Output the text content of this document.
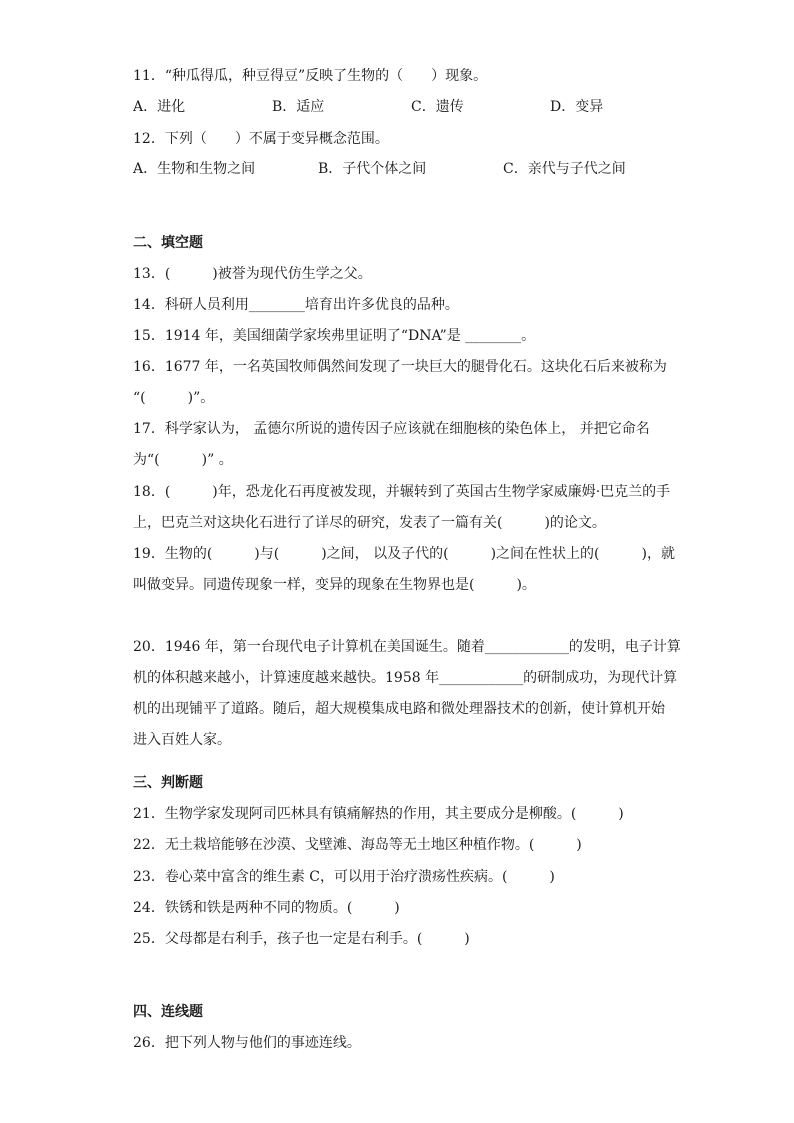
11．“种瓜得瓜，种豆得豆”反映了生物的（　　）现象。
A．进化	B．适应	C．遗传	D．变异
12．下列（　　）不属于变异概念范围。
A．生物和生物之间	B．子代个体之间	C．亲代与子代之间
二、填空题
13．(　　　)被誉为现代仿生学之父。
14．科研人员利用________培育出许多优良的品种。
15．1914 年，美国细菌学家埃弗里证明了“DNA”是 ________。
16．1677 年，一名英国牧师偶然间发现了一块巨大的腿骨化石。这块化石后来被称为
“(　　　)”。
17．科学家认为， 孟德尔所说的遗传因子应该就在细胞核的染色体上， 并把它命名
为“(　　　)” 。
18．(　　　)年，恐龙化石再度被发现，并辗转到了英国古生物学家威廉姆·巴克兰的手
上，巴克兰对这块化石进行了详尽的研究，发表了一篇有关(　　　)的论文。
19．生物的(　　　)与(　　　)之间， 以及子代的(　　　)之间在性状上的(　　　)，就
叫做变异。同遗传现象一样，变异的现象在生物界也是(　　　)。
20．1946 年，第一台现代电子计算机在美国诞生。随着____________的发明，电子计算
机的体积越来越小，计算速度越来越快。1958 年____________的研制成功，为现代计算
机的出现铺平了道路。随后，超大规模集成电路和微处理器技术的创新，使计算机开始
进入百姓人家。
三、判断题
21．生物学家发现阿司匹林具有镇痛解热的作用，其主要成分是柳酸。(　　　)
22．无土栽培能够在沙漠、戈壁滩、海岛等无土地区种植作物。(　　　)
23．卷心菜中富含的维生素 C，可以用于治疗溃疡性疾病。(　　　)
24．铁锈和铁是两种不同的物质。(　　　)
25．父母都是右利手，孩子也一定是右利手。(　　　)
四、连线题
26．把下列人物与他们的事迹连线。
